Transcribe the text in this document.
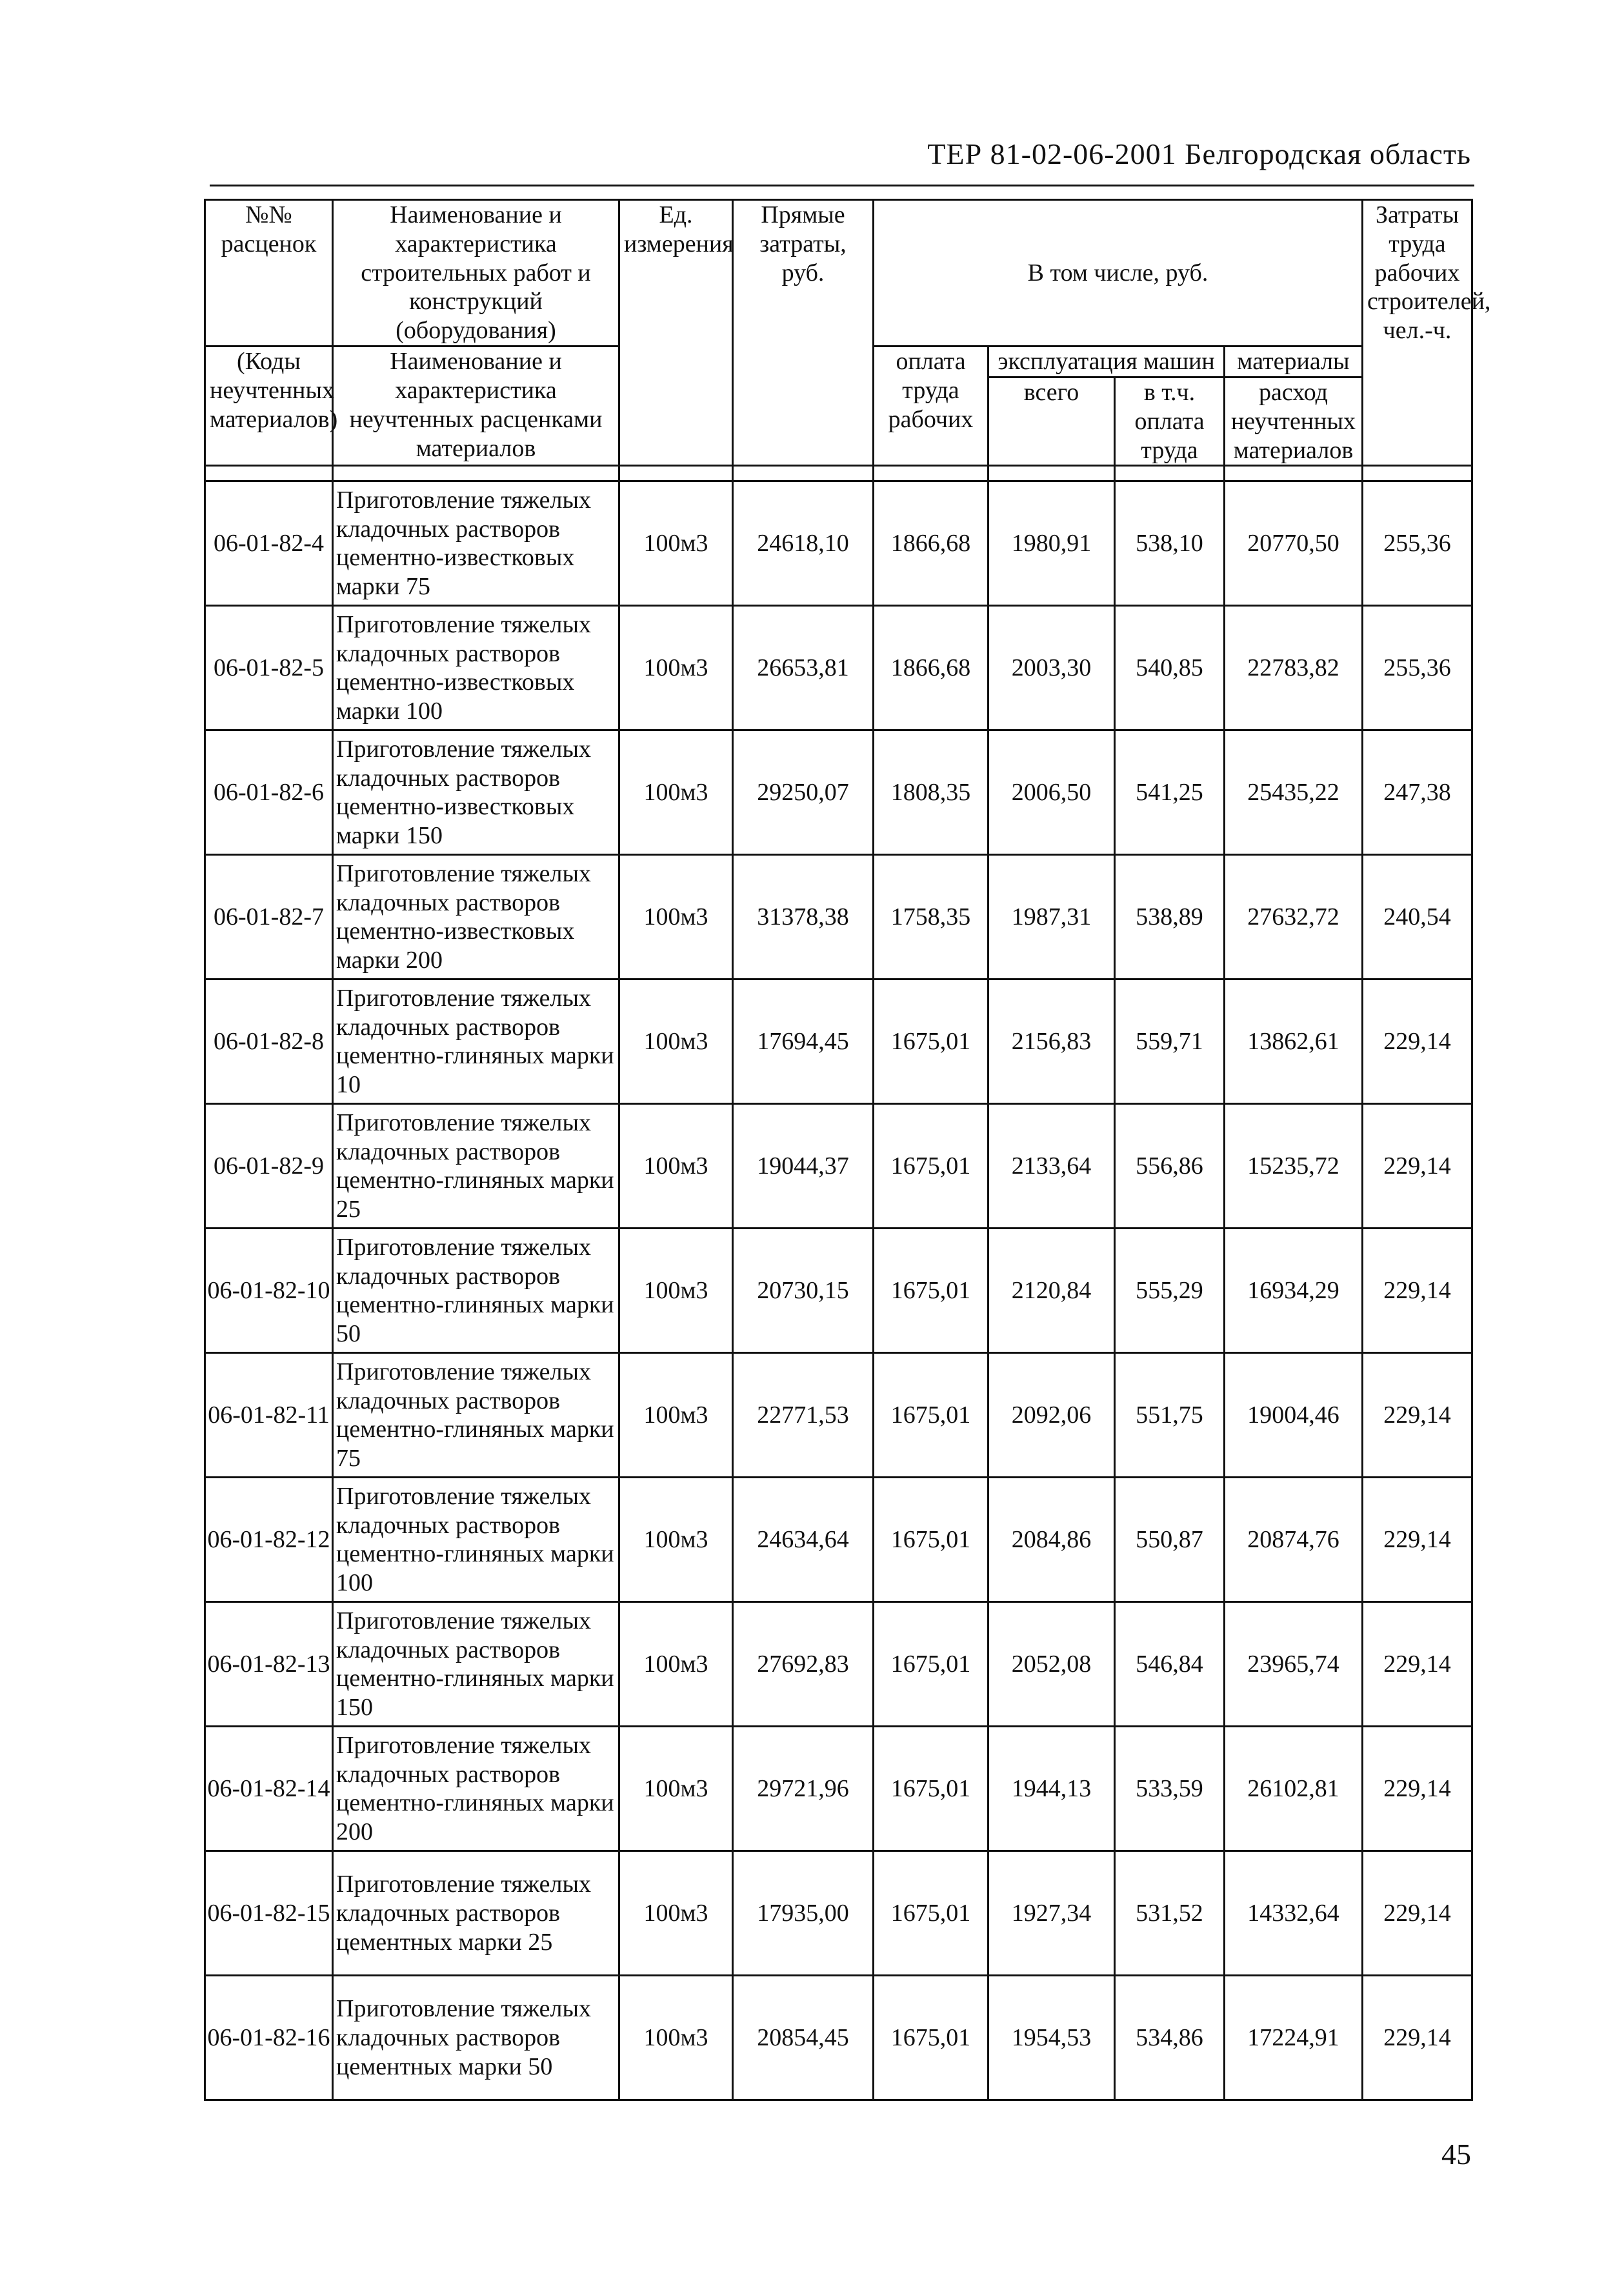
ТЕР 81-02-06-2001 Белгородская область
№№ расценок	Наименование и характеристика строительных работ и конструкций (оборудования)	Ед. измерения	Прямые затраты, руб.	В том числе, руб.				Затраты труда рабочих строителей, чел.-ч.
(Коды неучтенных материалов)	Наименование и характеристика неучтенных расценками материалов			оплата труда рабочих	эксплуатация машин		материалы	
					всего	в т.ч. оплата труда	расход неучтенных материалов	

06-01-82-4	Приготовление тяжелых кладочных растворов цементно-известковых марки 75	100м3	24618,10	1866,68	1980,91	538,10	20770,50	255,36
06-01-82-5	Приготовление тяжелых кладочных растворов цементно-известковых марки 100	100м3	26653,81	1866,68	2003,30	540,85	22783,82	255,36
06-01-82-6	Приготовление тяжелых кладочных растворов цементно-известковых марки 150	100м3	29250,07	1808,35	2006,50	541,25	25435,22	247,38
06-01-82-7	Приготовление тяжелых кладочных растворов цементно-известковых марки 200	100м3	31378,38	1758,35	1987,31	538,89	27632,72	240,54
06-01-82-8	Приготовление тяжелых кладочных растворов цементно-глиняных марки 10	100м3	17694,45	1675,01	2156,83	559,71	13862,61	229,14
06-01-82-9	Приготовление тяжелых кладочных растворов цементно-глиняных марки 25	100м3	19044,37	1675,01	2133,64	556,86	15235,72	229,14
06-01-82-10	Приготовление тяжелых кладочных растворов цементно-глиняных марки 50	100м3	20730,15	1675,01	2120,84	555,29	16934,29	229,14
06-01-82-11	Приготовление тяжелых кладочных растворов цементно-глиняных марки 75	100м3	22771,53	1675,01	2092,06	551,75	19004,46	229,14
06-01-82-12	Приготовление тяжелых кладочных растворов цементно-глиняных марки 100	100м3	24634,64	1675,01	2084,86	550,87	20874,76	229,14
06-01-82-13	Приготовление тяжелых кладочных растворов цементно-глиняных марки 150	100м3	27692,83	1675,01	2052,08	546,84	23965,74	229,14
06-01-82-14	Приготовление тяжелых кладочных растворов цементно-глиняных марки 200	100м3	29721,96	1675,01	1944,13	533,59	26102,81	229,14
06-01-82-15	Приготовление тяжелых кладочных растворов цементных марки 25	100м3	17935,00	1675,01	1927,34	531,52	14332,64	229,14
06-01-82-16	Приготовление тяжелых кладочных растворов цементных марки 50	100м3	20854,45	1675,01	1954,53	534,86	17224,91	229,14
45
